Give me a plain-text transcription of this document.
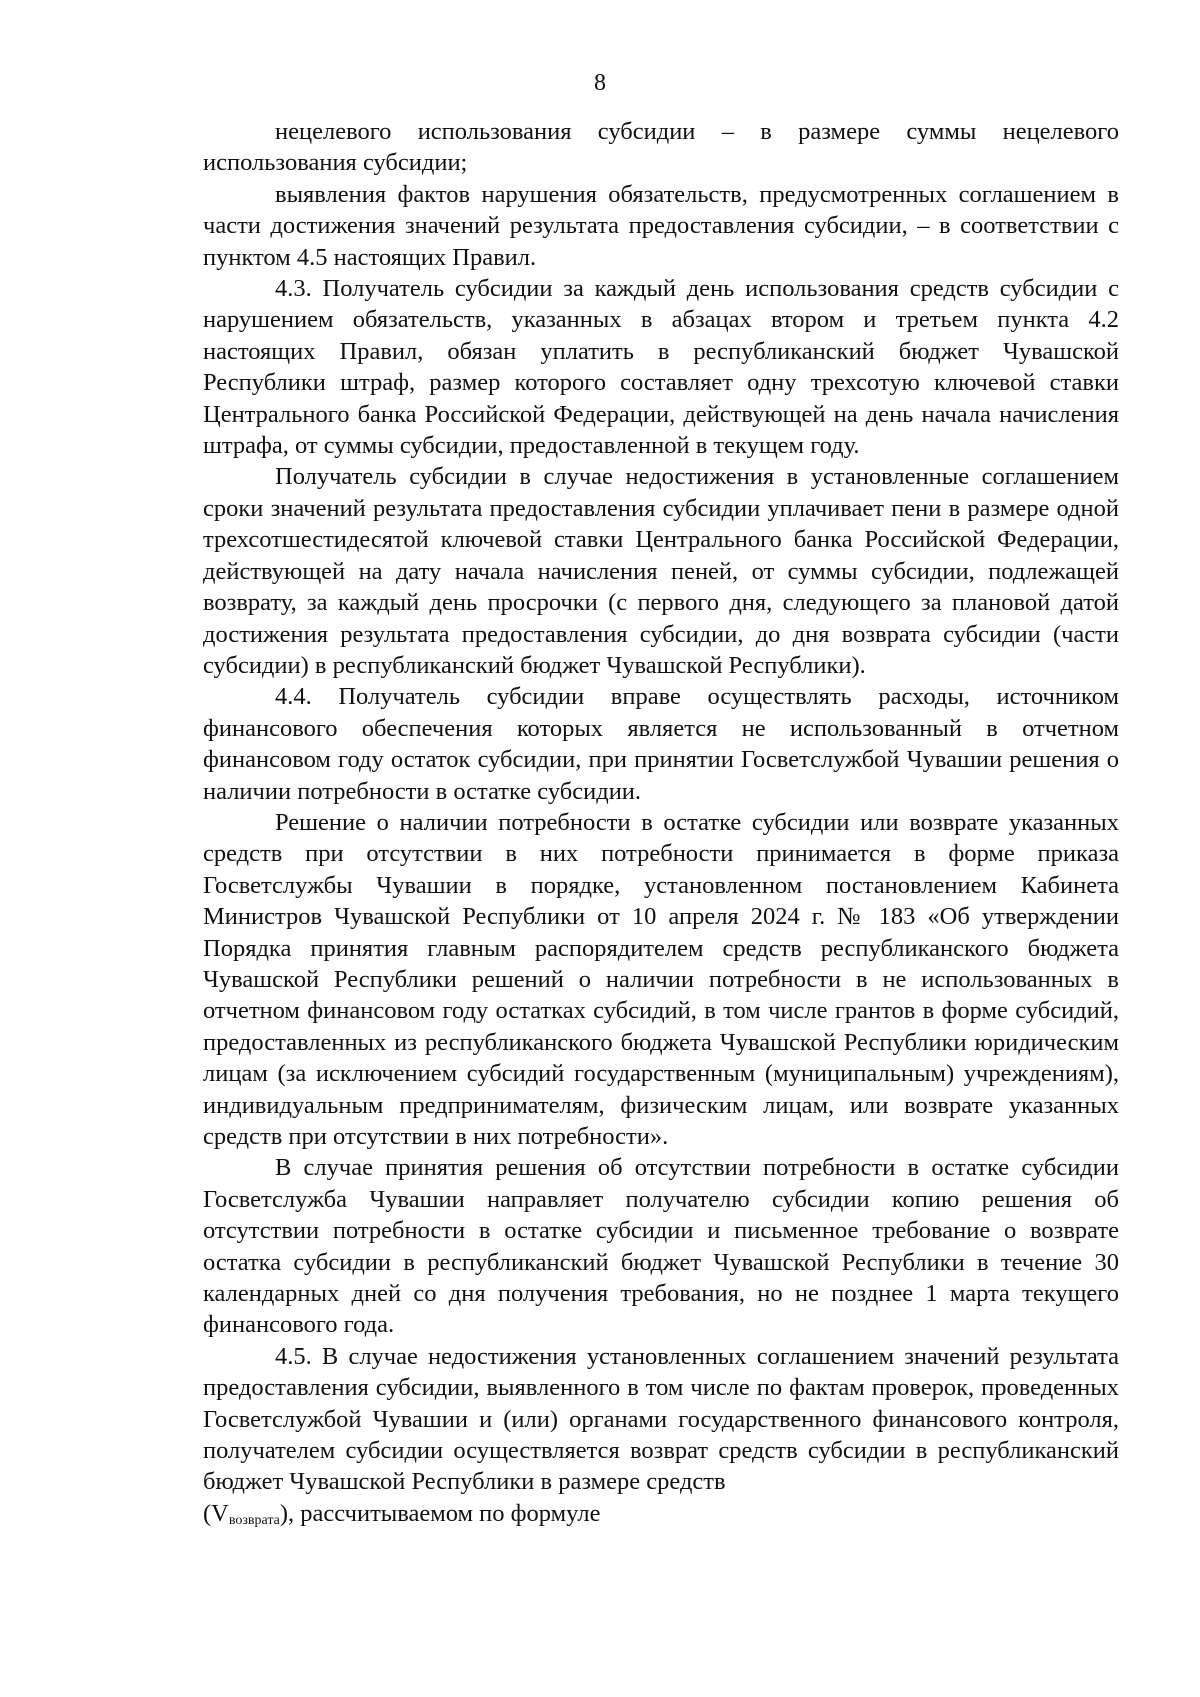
8

нецелевого использования субсидии – в размере суммы нецелевого использования субсидии;

выявления фактов нарушения обязательств, предусмотренных соглашением в части достижения значений результата предоставления субсидии, – в соответствии с пунктом 4.5 настоящих Правил.

4.3. Получатель субсидии за каждый день использования средств субсидии с нарушением обязательств, указанных в абзацах втором и третьем пункта 4.2 настоящих Правил, обязан уплатить в республиканский бюджет Чувашской Республики штраф, размер которого составляет одну трехсотую ключевой ставки Центрального банка Российской Федерации, действующей на день начала начисления штрафа, от суммы субсидии, предоставленной в текущем году.

Получатель субсидии в случае недостижения в установленные соглашением сроки значений результата предоставления субсидии уплачивает пени в размере одной трехсотшестидесятой ключевой ставки Центрального банка Российской Федерации, действующей на дату начала начисления пеней, от суммы субсидии, подлежащей возврату, за каждый день просрочки (с первого дня, следующего за плановой датой достижения результата предоставления субсидии, до дня возврата субсидии (части субсидии) в республиканский бюджет Чувашской Республики).

4.4. Получатель субсидии вправе осуществлять расходы, источником финансового обеспечения которых является не использованный в отчетном финансовом году остаток субсидии, при принятии Госветслужбой Чувашии решения о наличии потребности в остатке субсидии.

Решение о наличии потребности в остатке субсидии или возврате указанных средств при отсутствии в них потребности принимается в форме приказа Госветслужбы Чувашии в порядке, установленном постановлением Кабинета Министров Чувашской Республики от 10 апреля 2024 г. № 183 «Об утверждении Порядка принятия главным распорядителем средств республиканского бюджета Чувашской Республики решений о наличии потребности в не использованных в отчетном финансовом году остатках субсидий, в том числе грантов в форме субсидий, предоставленных из республиканского бюджета Чувашской Республики юридическим лицам (за исключением субсидий государственным (муниципальным) учреждениям), индивидуальным предпринимателям, физическим лицам, или возврате указанных средств при отсутствии в них потребности».

В случае принятия решения об отсутствии потребности в остатке субсидии Госветслужба Чувашии направляет получателю субсидии копию решения об отсутствии потребности в остатке субсидии и письменное требование о возврате остатка субсидии в республиканский бюджет Чувашской Республики в течение 30 календарных дней со дня получения требования, но не позднее 1 марта текущего финансового года.

4.5. В случае недостижения установленных соглашением значений результата предоставления субсидии, выявленного в том числе по фактам проверок, проведенных Госветслужбой Чувашии и (или) органами государственного финансового контроля, получателем субсидии осуществляется возврат средств субсидии в республиканский бюджет Чувашской Республики в размере средств

$(V_{возврата})$, рассчитываемом по формуле
